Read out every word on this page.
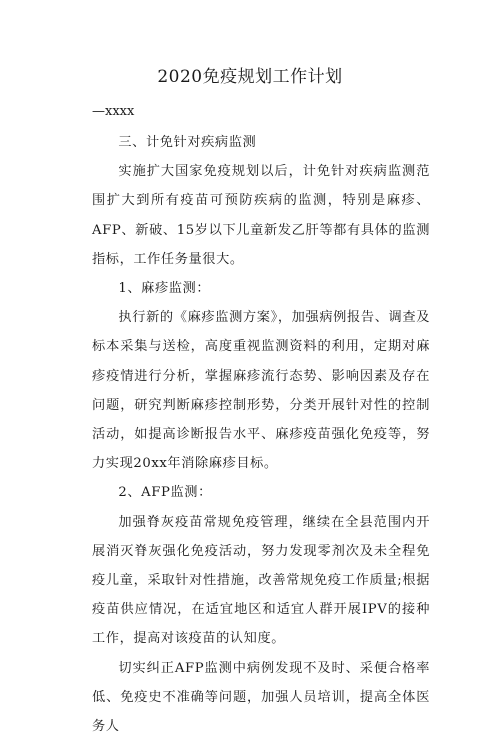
2020免疫规划工作计划
—xxxx

三、计免针对疾病监测

实施扩大国家免疫规划以后，计免针对疾病监测范围扩大到所有疫苗可预防疾病的监测，特别是麻疹、AFP、新破、15岁以下儿童新发乙肝等都有具体的监测指标，工作任务量很大。

1、麻疹监测：

执行新的《麻疹监测方案》，加强病例报告、调查及标本采集与送检，高度重视监测资料的利用，定期对麻疹疫情进行分析，掌握麻疹流行态势、影响因素及存在问题，研究判断麻疹控制形势，分类开展针对性的控制活动，如提高诊断报告水平、麻疹疫苗强化免疫等，努力实现20xx年消除麻疹目标。

2、AFP监测：

加强脊灰疫苗常规免疫管理，继续在全县范围内开展消灭脊灰强化免疫活动，努力发现零剂次及未全程免疫儿童，采取针对性措施，改善常规免疫工作质量;根据疫苗供应情况，在适宜地区和适宜人群开展IPV的接种工作，提高对该疫苗的认知度。

切实纠正AFP监测中病例发现不及时、采便合格率低、免疫史不准确等问题，加强人员培训，提高全体医务人
